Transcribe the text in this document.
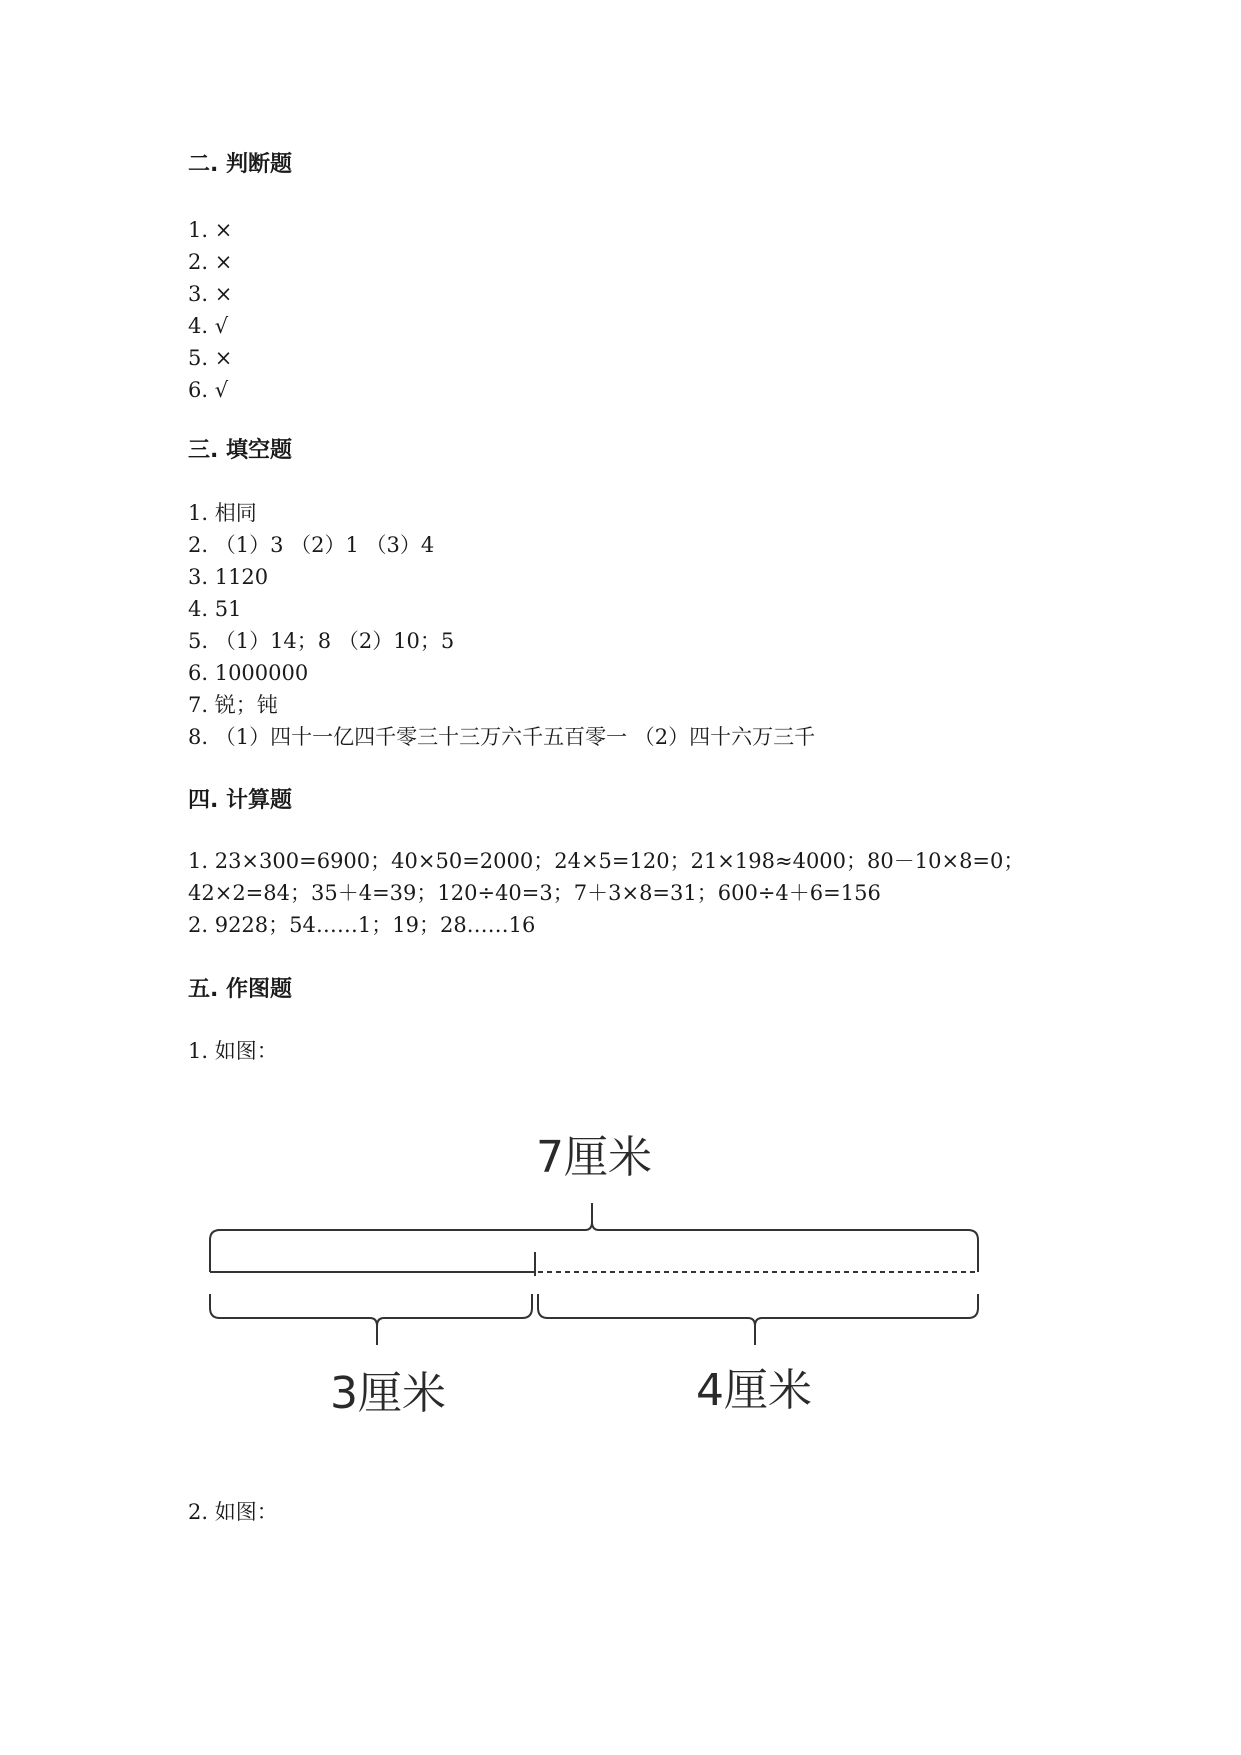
二. 判断题
1. ×
2. ×
3. ×
4. √
5. ×
6. √
三. 填空题
1. 相同
2. （1）3 （2）1 （3）4
3. 1120
4. 51
5. （1）14；8 （2）10；5
6. 1000000
7. 锐；钝
8. （1）四十一亿四千零三十三万六千五百零一 （2）四十六万三千
四. 计算题
1. 23×300=6900；40×50=2000；24×5=120；21×198≈4000；80－10×8=0；
42×2=84；35＋4=39；120÷40=3；7＋3×8=31；600÷4＋6=156
2. 9228；54……1；19；28……16
五. 作图题
1. 如图：
7厘米
3厘米	4厘米
2. 如图：
